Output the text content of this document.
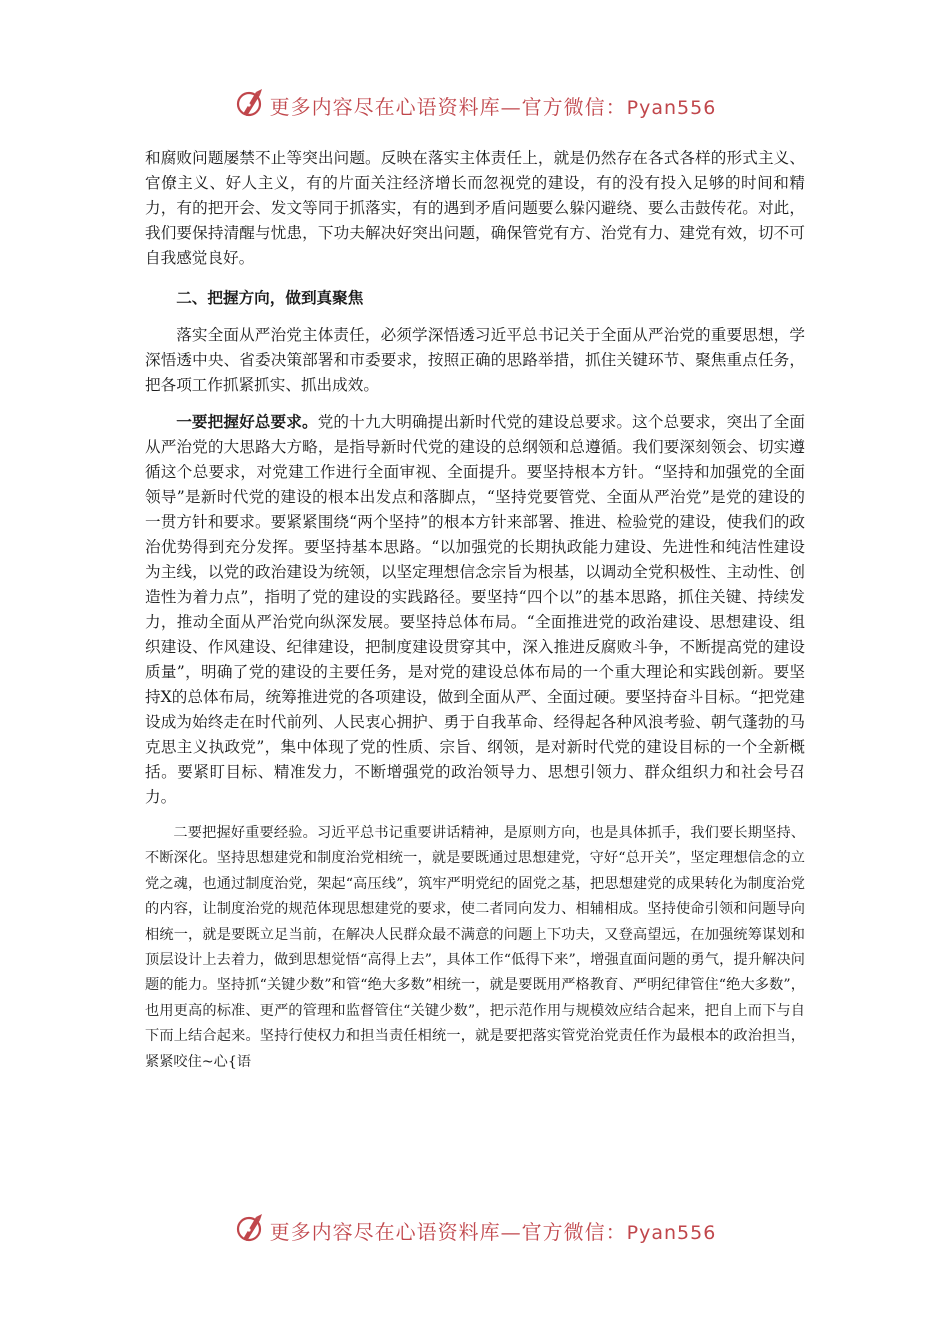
更多内容尽在心语资料库—官方微信：Pyan556

和腐败问题屡禁不止等突出问题。反映在落实主体责任上，就是仍然存在各式各样的形式主义、官僚主义、好人主义，有的片面关注经济增长而忽视党的建设，有的没有投入足够的时间和精力，有的把开会、发文等同于抓落实，有的遇到矛盾问题要么躲闪避绕、要么击鼓传花。对此，我们要保持清醒与忧患，下功夫解决好突出问题，确保管党有方、治党有力、建党有效，切不可自我感觉良好。

二、把握方向，做到真聚焦

落实全面从严治党主体责任，必须学深悟透习近平总书记关于全面从严治党的重要思想，学深悟透中央、省委决策部署和市委要求，按照正确的思路举措，抓住关键环节、聚焦重点任务，把各项工作抓紧抓实、抓出成效。

一要把握好总要求。党的十九大明确提出新时代党的建设总要求。这个总要求，突出了全面从严治党的大思路大方略，是指导新时代党的建设的总纲领和总遵循。我们要深刻领会、切实遵循这个总要求，对党建工作进行全面审视、全面提升。要坚持根本方针。“坚持和加强党的全面领导”是新时代党的建设的根本出发点和落脚点，“坚持党要管党、全面从严治党”是党的建设的一贯方针和要求。要紧紧围绕“两个坚持”的根本方针来部署、推进、检验党的建设，使我们的政治优势得到充分发挥。要坚持基本思路。“以加强党的长期执政能力建设、先进性和纯洁性建设为主线，以党的政治建设为统领，以坚定理想信念宗旨为根基，以调动全党积极性、主动性、创造性为着力点”，指明了党的建设的实践路径。要坚持“四个以”的基本思路，抓住关键、持续发力，推动全面从严治党向纵深发展。要坚持总体布局。“全面推进党的政治建设、思想建设、组织建设、作风建设、纪律建设，把制度建设贯穿其中，深入推进反腐败斗争，不断提高党的建设质量”，明确了党的建设的主要任务，是对党的建设总体布局的一个重大理论和实践创新。要坚持X的总体布局，统筹推进党的各项建设，做到全面从严、全面过硬。要坚持奋斗目标。“把党建设成为始终走在时代前列、人民衷心拥护、勇于自我革命、经得起各种风浪考验、朝气蓬勃的马克思主义执政党”，集中体现了党的性质、宗旨、纲领，是对新时代党的建设目标的一个全新概括。要紧盯目标、精准发力，不断增强党的政治领导力、思想引领力、群众组织力和社会号召力。

二要把握好重要经验。习近平总书记重要讲话精神，是原则方向，也是具体抓手，我们要长期坚持、不断深化。坚持思想建党和制度治党相统一，就是要既通过思想建党，守好“总开关”，坚定理想信念的立党之魂，也通过制度治党，架起“高压线”，筑牢严明党纪的固党之基，把思想建党的成果转化为制度治党的内容，让制度治党的规范体现思想建党的要求，使二者同向发力、相辅相成。坚持使命引领和问题导向相统一，就是要既立足当前，在解决人民群众最不满意的问题上下功夫，又登高望远，在加强统筹谋划和顶层设计上去着力，做到思想觉悟“高得上去”，具体工作“低得下来”，增强直面问题的勇气，提升解决问题的能力。坚持抓“关键少数”和管“绝大多数”相统一，就是要既用严格教育、严明纪律管住“绝大多数”，也用更高的标准、更严的管理和监督管住“关键少数”，把示范作用与规模效应结合起来，把自上而下与自下而上结合起来。坚持行使权力和担当责任相统一，就是要把落实管党治党责任作为最根本的政治担当，紧紧咬住~心{语

更多内容尽在心语资料库—官方微信：Pyan556
